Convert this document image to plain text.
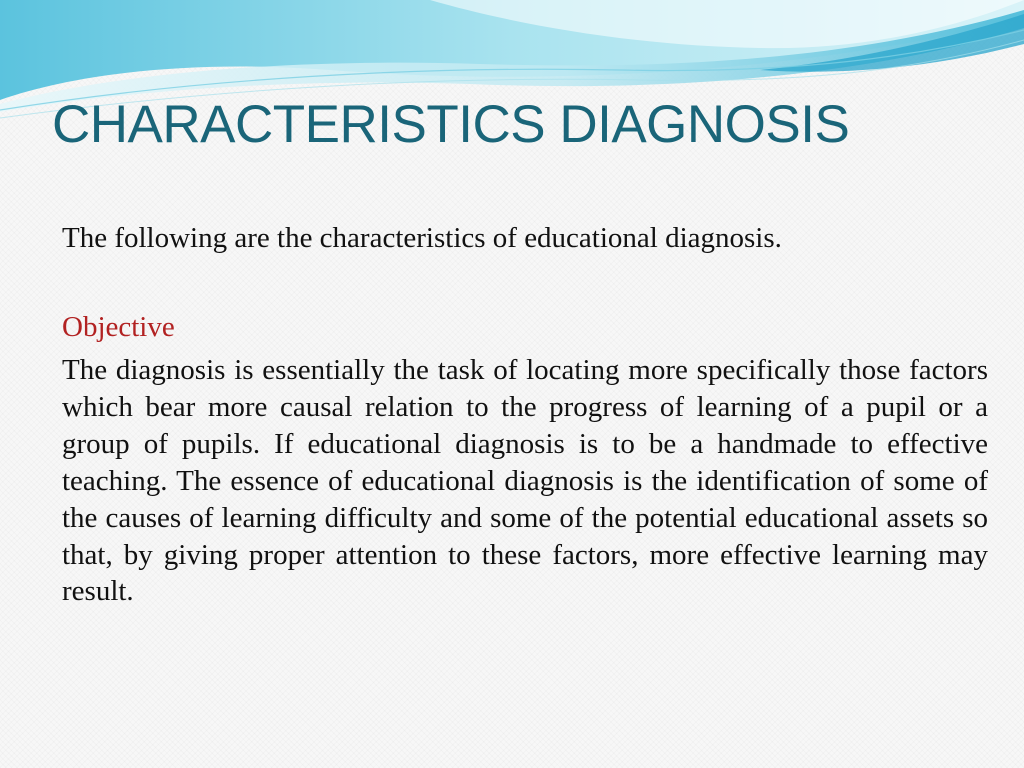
CHARACTERISTICS DIAGNOSIS

The following are the characteristics of educational diagnosis.

Objective

The diagnosis is essentially the task of locating more specifically those factors which bear more causal relation to the progress of learning of a pupil or a group of pupils. If educational diagnosis is to be a handmade to effective teaching. The essence of educational diagnosis is the identification of some of the causes of learning difficulty and some of the potential educational assets so that, by giving proper attention to these factors, more effective learning may result.
